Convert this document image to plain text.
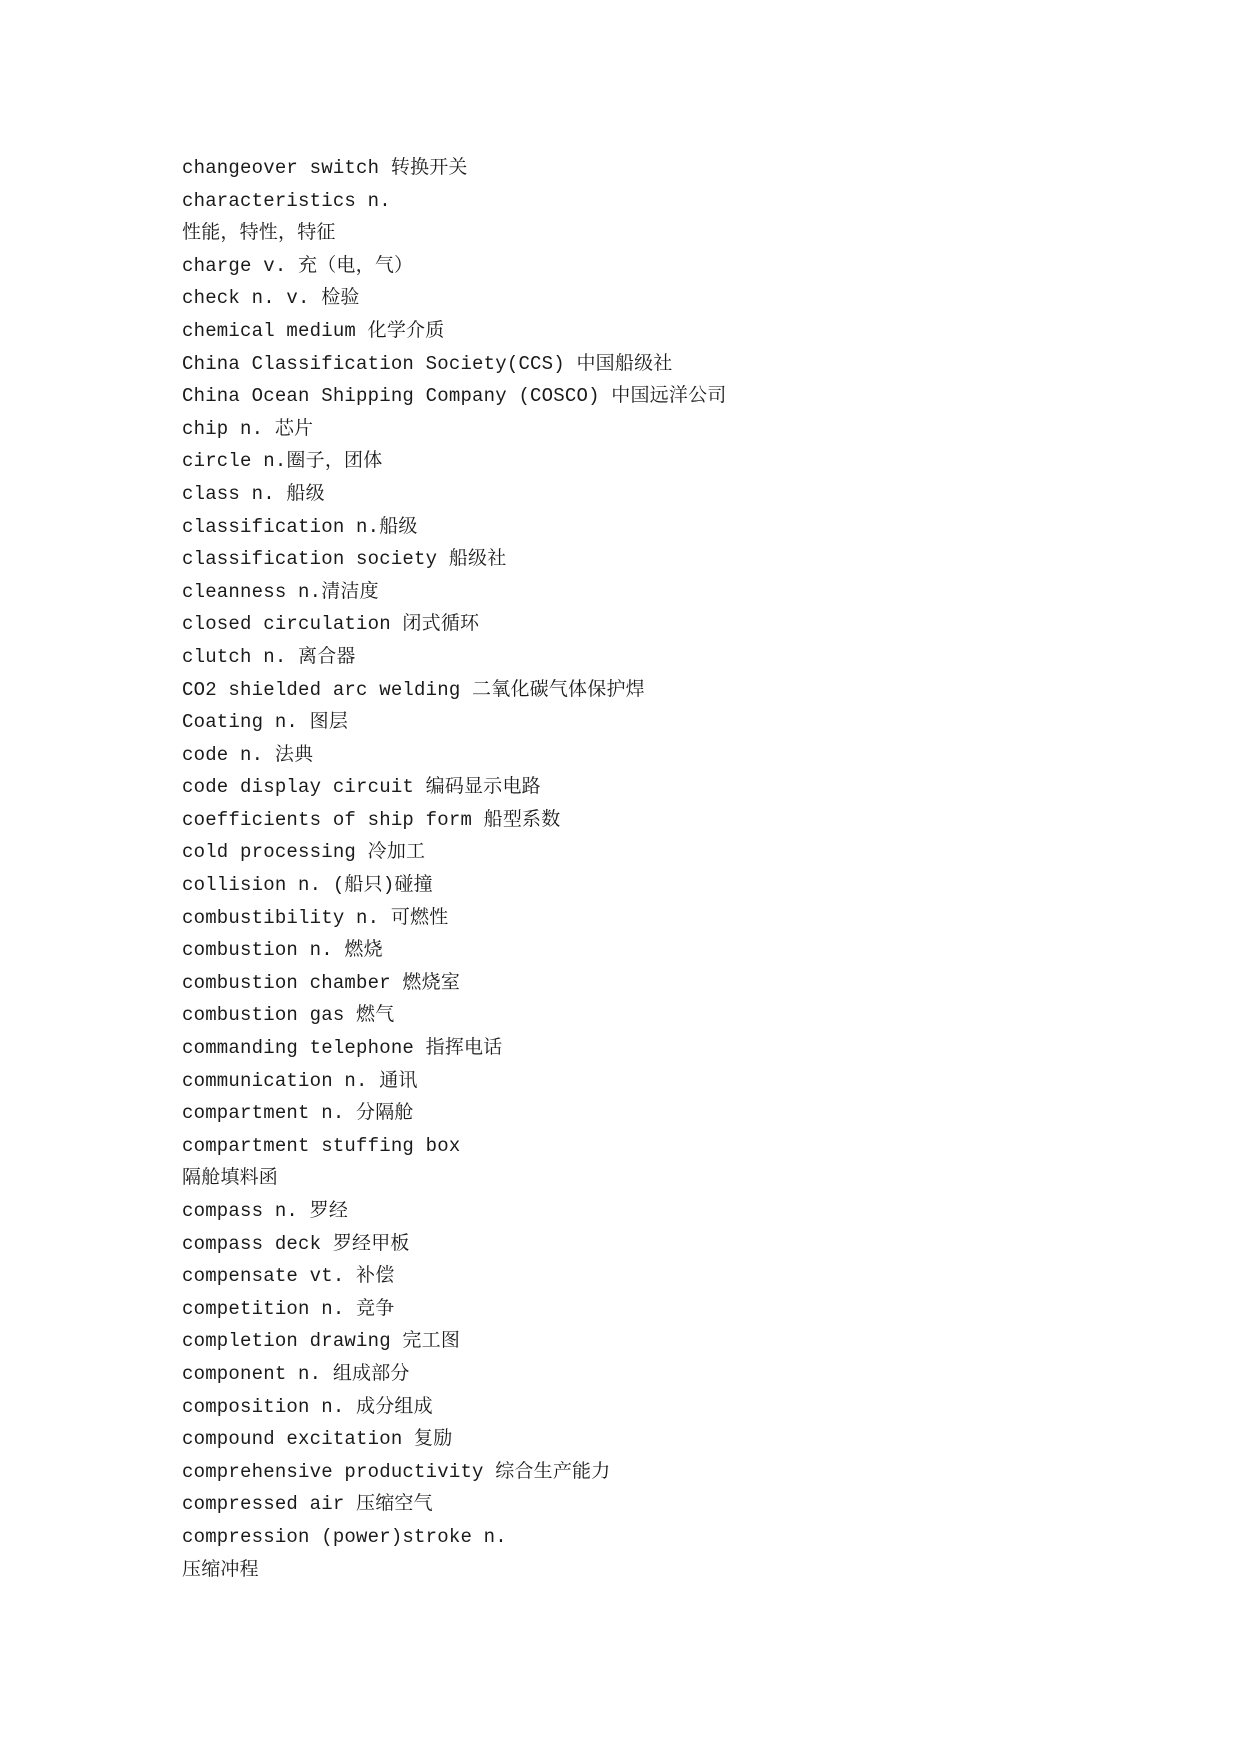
changeover switch 转换开关
characteristics n.
性能，特性，特征
charge v. 充（电，气）
check n. v. 检验
chemical medium 化学介质
China Classification Society(CCS) 中国船级社
China Ocean Shipping Company (COSCO) 中国远洋公司
chip n. 芯片
circle n.圈子，团体
class n. 船级
classification n.船级
classification society 船级社
cleanness n.清洁度
closed circulation 闭式循环
clutch n. 离合器
CO2 shielded arc welding 二氧化碳气体保护焊
Coating n. 图层
code n. 法典
code display circuit 编码显示电路
coefficients of ship form 船型系数
cold processing 冷加工
collision n. (船只)碰撞
combustibility n. 可燃性
combustion n. 燃烧
combustion chamber 燃烧室
combustion gas 燃气
commanding telephone 指挥电话
communication n. 通讯
compartment n. 分隔舱
compartment stuffing box
隔舱填料函
compass n. 罗经
compass deck 罗经甲板
compensate vt. 补偿
competition n. 竞争
completion drawing 完工图
component n. 组成部分
composition n. 成分组成
compound excitation 复励
comprehensive productivity 综合生产能力
compressed air 压缩空气
compression (power)stroke n.
压缩冲程
